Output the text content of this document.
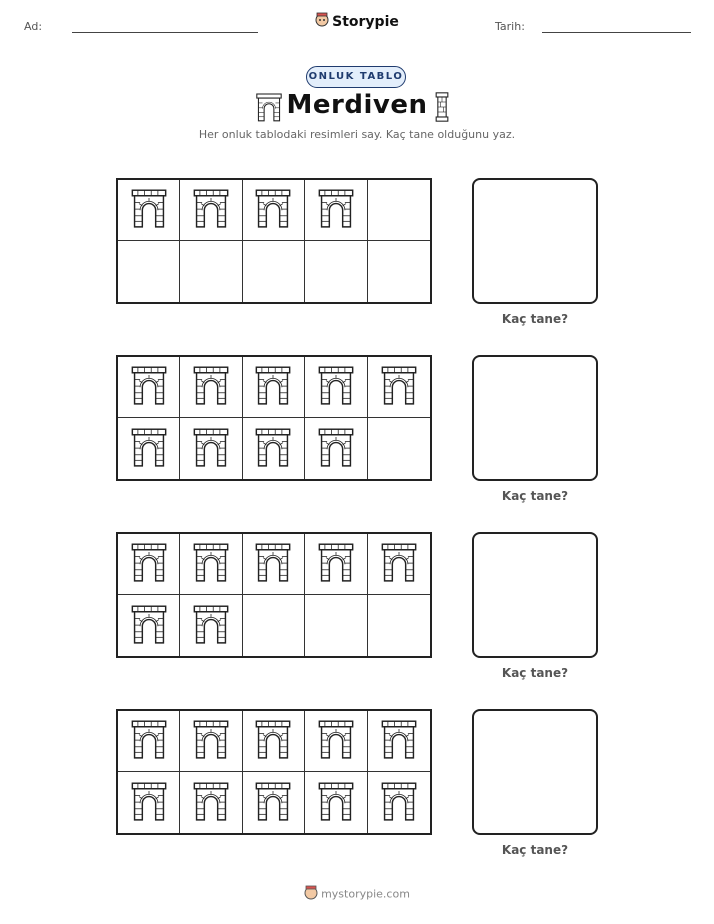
Ad:	Storypie	Tarih:
ONLUK TABLO
Merdiven
Her onluk tablodaki resimleri say. Kaç tane olduğunu yaz.
Kaç tane?
Kaç tane?
Kaç tane?
Kaç tane?
mystorypie.com
